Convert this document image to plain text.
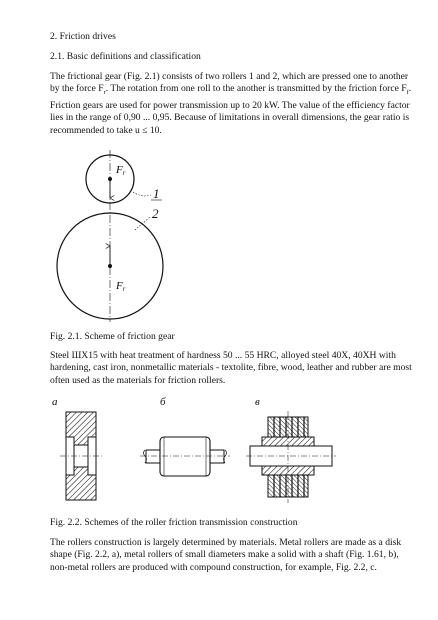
2. Friction drives

2.1. Basic definitions and classification

The frictional gear (Fig. 2.1) consists of two rollers 1 and 2, which are pressed one to another by the force $F_r$. The rotation from one roll to the another is transmitted by the friction force $F_f$. Friction gears are used for power transmission up to 20 kW. The value of the efficiency factor lies in the range of 0,90 ... 0,95. Because of limitations in overall dimensions, the gear ratio is recommended to take u ≤ 10.

Fr
Fr
1
2

Fig. 2.1. Scheme of friction gear

Steel ШХ15 with heat treatment of hardness 50 ... 55 HRC, alloyed steel 40X, 40XH with hardening, cast iron, nonmetallic materials - textolite, fibre, wood, leather and rubber are most often used as the materials for friction rollers.

а	б	в

Fig. 2.2. Schemes of the roller friction transmission construction

The rollers construction is largely determined by materials. Metal rollers are made as a disk shape (Fig. 2.2, a), metal rollers of small diameters make a solid with a shaft (Fig. 1.61, b), non-metal rollers are produced with compound construction, for example, Fig. 2.2, c.
